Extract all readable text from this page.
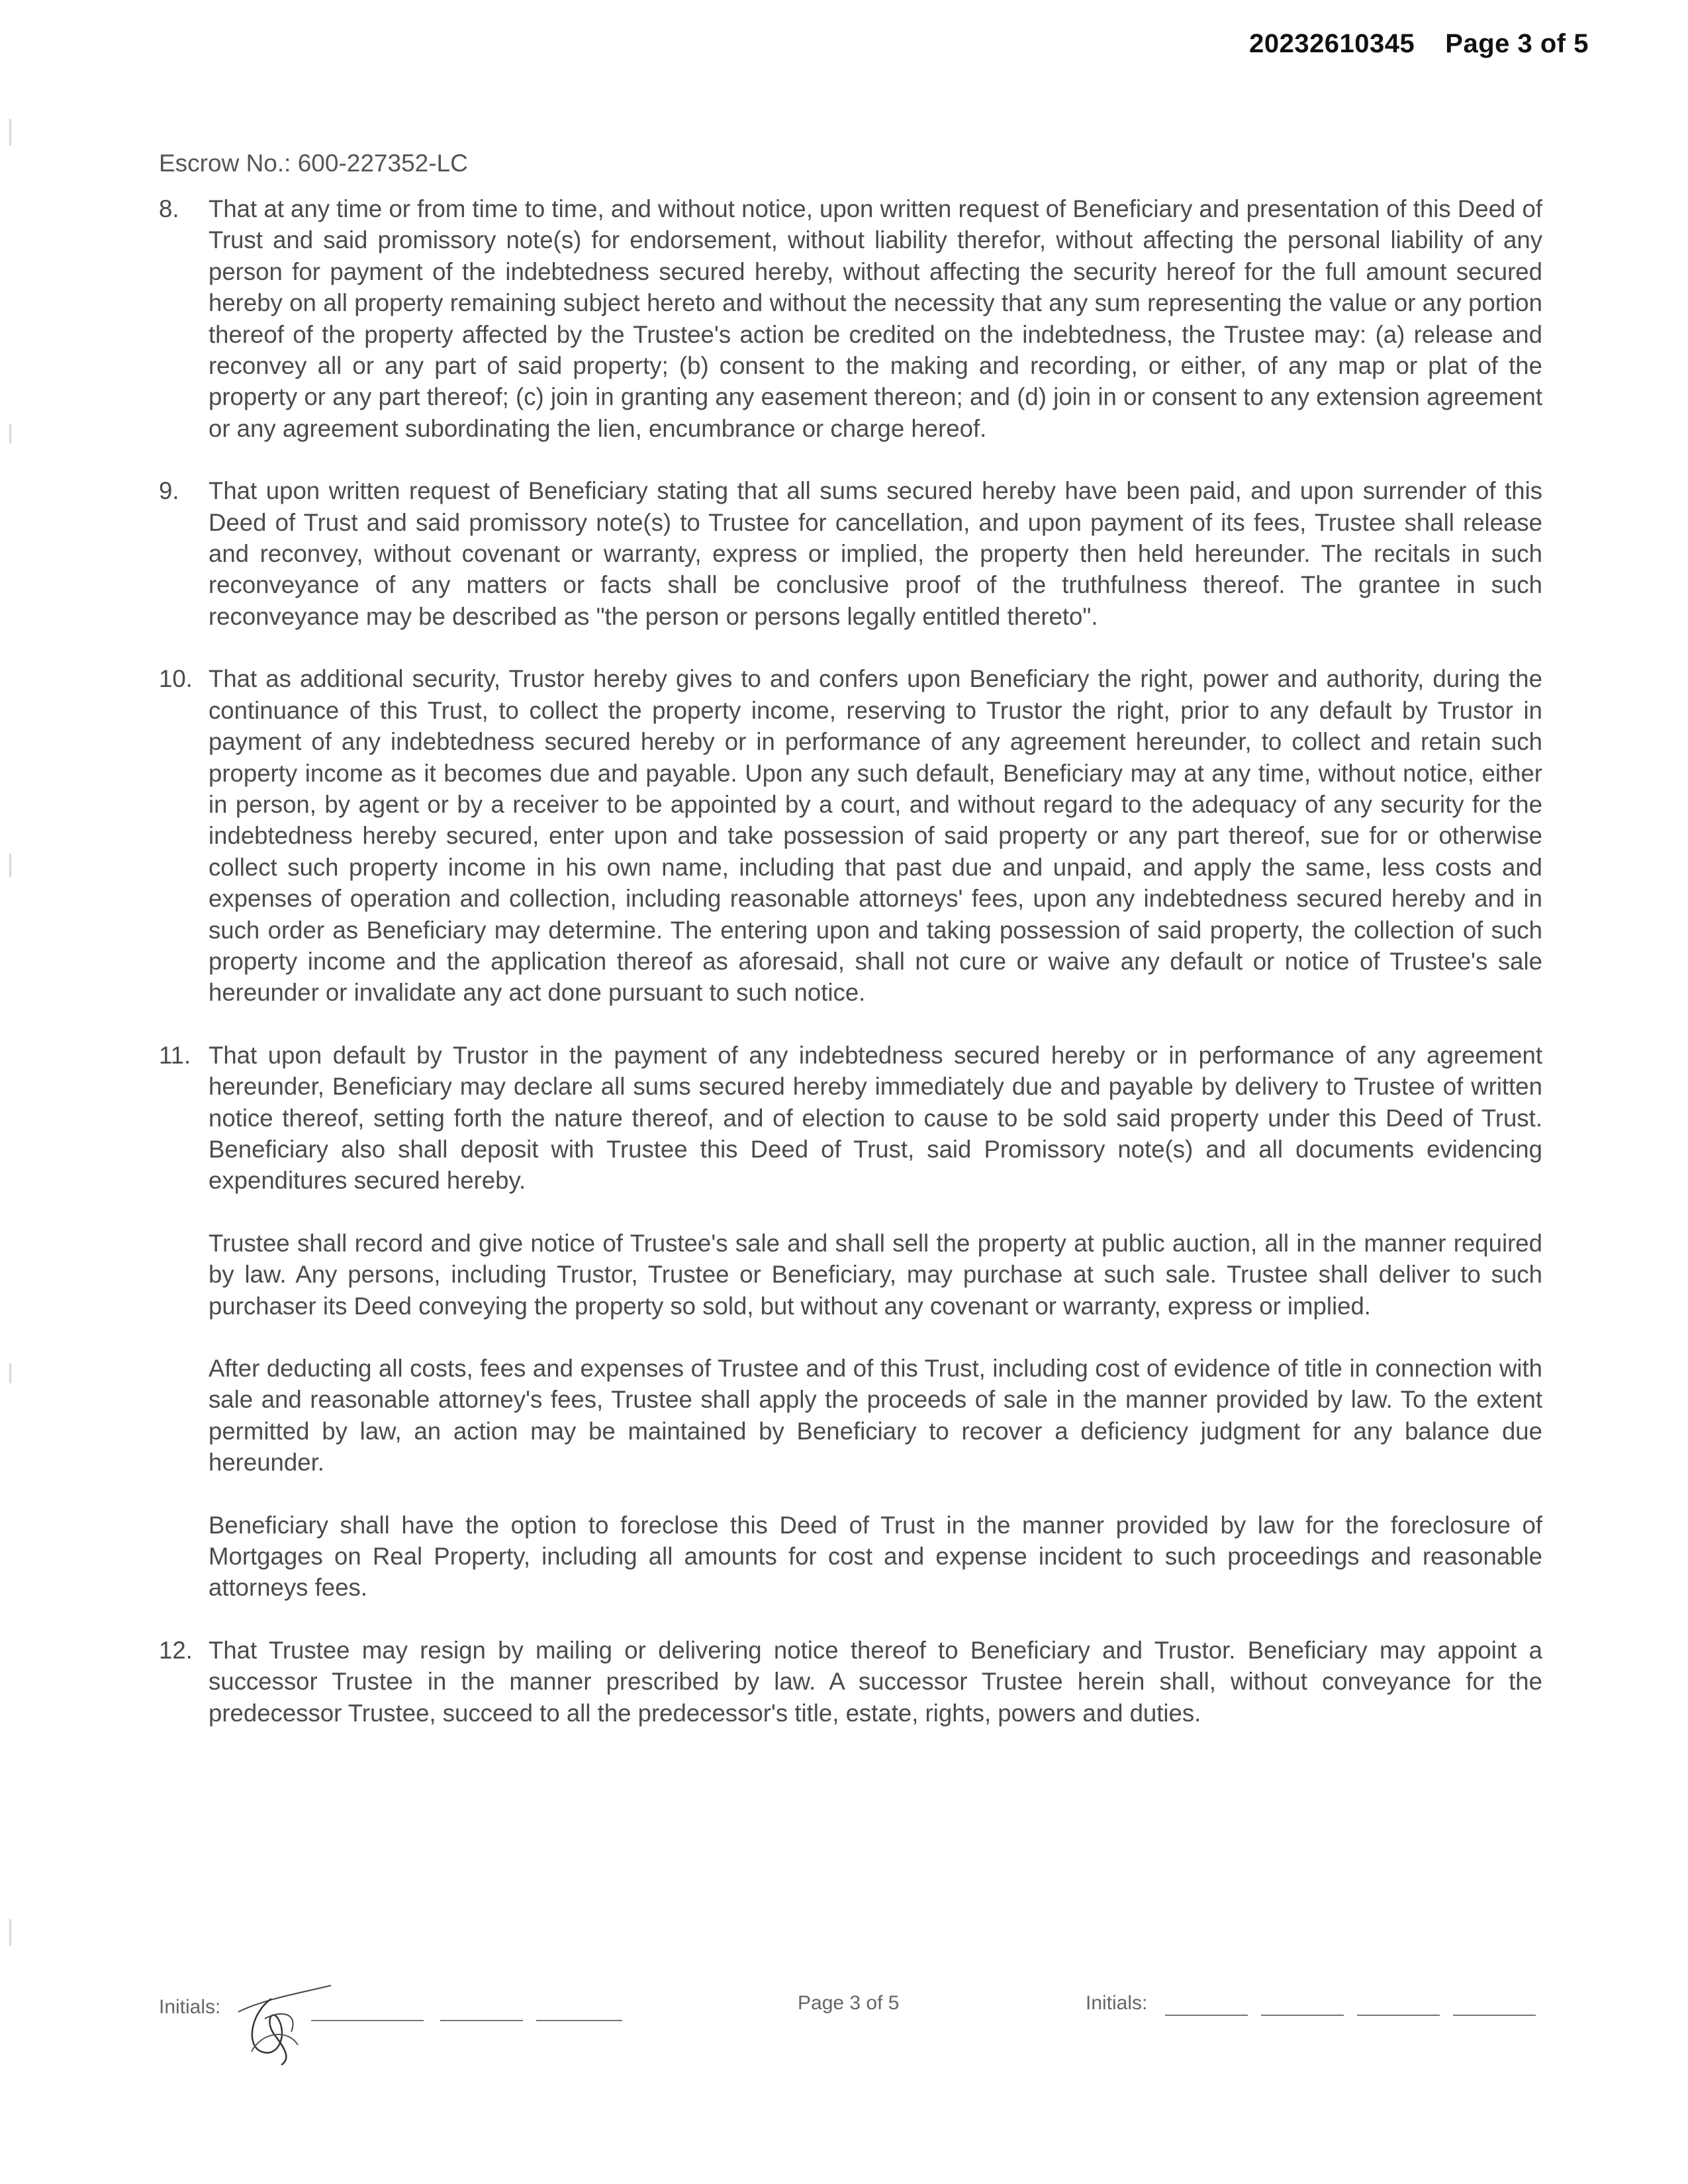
20232610345 Page 3 of 5
Escrow No.: 600-227352-LC
8. That at any time or from time to time, and without notice, upon written request of Beneficiary and presentation of this Deed of Trust and said promissory note(s) for endorsement, without liability therefor, without affecting the personal liability of any person for payment of the indebtedness secured hereby, without affecting the security hereof for the full amount secured hereby on all property remaining subject hereto and without the necessity that any sum representing the value or any portion thereof of the property affected by the Trustee's action be credited on the indebtedness, the Trustee may: (a) release and reconvey all or any part of said property; (b) consent to the making and recording, or either, of any map or plat of the property or any part thereof; (c) join in granting any easement thereon; and (d) join in or consent to any extension agreement or any agreement subordinating the lien, encumbrance or charge hereof.

9. That upon written request of Beneficiary stating that all sums secured hereby have been paid, and upon surrender of this Deed of Trust and said promissory note(s) to Trustee for cancellation, and upon payment of its fees, Trustee shall release and reconvey, without covenant or warranty, express or implied, the property then held hereunder. The recitals in such reconveyance of any matters or facts shall be conclusive proof of the truthfulness thereof. The grantee in such reconveyance may be described as "the person or persons legally entitled thereto".

10. That as additional security, Trustor hereby gives to and confers upon Beneficiary the right, power and authority, during the continuance of this Trust, to collect the property income, reserving to Trustor the right, prior to any default by Trustor in payment of any indebtedness secured hereby or in performance of any agreement hereunder, to collect and retain such property income as it becomes due and payable. Upon any such default, Beneficiary may at any time, without notice, either in person, by agent or by a receiver to be appointed by a court, and without regard to the adequacy of any security for the indebtedness hereby secured, enter upon and take possession of said property or any part thereof, sue for or otherwise collect such property income in his own name, including that past due and unpaid, and apply the same, less costs and expenses of operation and collection, including reasonable attorneys' fees, upon any indebtedness secured hereby and in such order as Beneficiary may determine. The entering upon and taking possession of said property, the collection of such property income and the application thereof as aforesaid, shall not cure or waive any default or notice of Trustee's sale hereunder or invalidate any act done pursuant to such notice.

11. That upon default by Trustor in the payment of any indebtedness secured hereby or in performance of any agreement hereunder, Beneficiary may declare all sums secured hereby immediately due and payable by delivery to Trustee of written notice thereof, setting forth the nature thereof, and of election to cause to be sold said property under this Deed of Trust. Beneficiary also shall deposit with Trustee this Deed of Trust, said Promissory note(s) and all documents evidencing expenditures secured hereby.

Trustee shall record and give notice of Trustee's sale and shall sell the property at public auction, all in the manner required by law. Any persons, including Trustor, Trustee or Beneficiary, may purchase at such sale. Trustee shall deliver to such purchaser its Deed conveying the property so sold, but without any covenant or warranty, express or implied.

After deducting all costs, fees and expenses of Trustee and of this Trust, including cost of evidence of title in connection with sale and reasonable attorney's fees, Trustee shall apply the proceeds of sale in the manner provided by law. To the extent permitted by law, an action may be maintained by Beneficiary to recover a deficiency judgment for any balance due hereunder.

Beneficiary shall have the option to foreclose this Deed of Trust in the manner provided by law for the foreclosure of Mortgages on Real Property, including all amounts for cost and expense incident to such proceedings and reasonable attorneys fees.

12. That Trustee may resign by mailing or delivering notice thereof to Beneficiary and Trustor. Beneficiary may appoint a successor Trustee in the manner prescribed by law. A successor Trustee herein shall, without conveyance for the predecessor Trustee, succeed to all the predecessor's title, estate, rights, powers and duties.

Initials:	Page 3 of 5	Initials:
